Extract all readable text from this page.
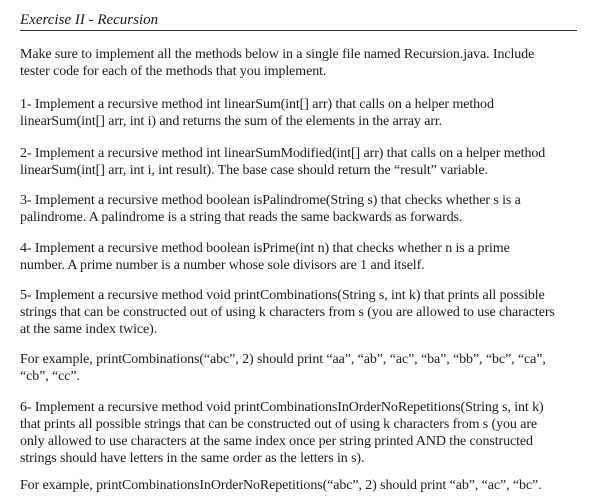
Exercise II - Recursion
Make sure to implement all the methods below in a single file named Recursion.java. Include
tester code for each of the methods that you implement.
1- Implement a recursive method int linearSum(int[] arr) that calls on a helper method
linearSum(int[] arr, int i) and returns the sum of the elements in the array arr.
2- Implement a recursive method int linearSumModified(int[] arr) that calls on a helper method
linearSum(int[] arr, int i, int result). The base case should return the “result” variable.
3- Implement a recursive method boolean isPalindrome(String s) that checks whether s is a
palindrome. A palindrome is a string that reads the same backwards as forwards.
4- Implement a recursive method boolean isPrime(int n) that checks whether n is a prime
number. A prime number is a number whose sole divisors are 1 and itself.
5- Implement a recursive method void printCombinations(String s, int k) that prints all possible
strings that can be constructed out of using k characters from s (you are allowed to use characters
at the same index twice).
For example, printCombinations(“abc”, 2) should print “aa”, “ab”, “ac”, “ba”, “bb”, “bc”, “ca”,
“cb”, “cc”.
6- Implement a recursive method void printCombinationsInOrderNoRepetitions(String s, int k)
that prints all possible strings that can be constructed out of using k characters from s (you are
only allowed to use characters at the same index once per string printed AND the constructed
strings should have letters in the same order as the letters in s).
For example, printCombinationsInOrderNoRepetitions(“abc”, 2) should print “ab”, “ac”, “bc”.
